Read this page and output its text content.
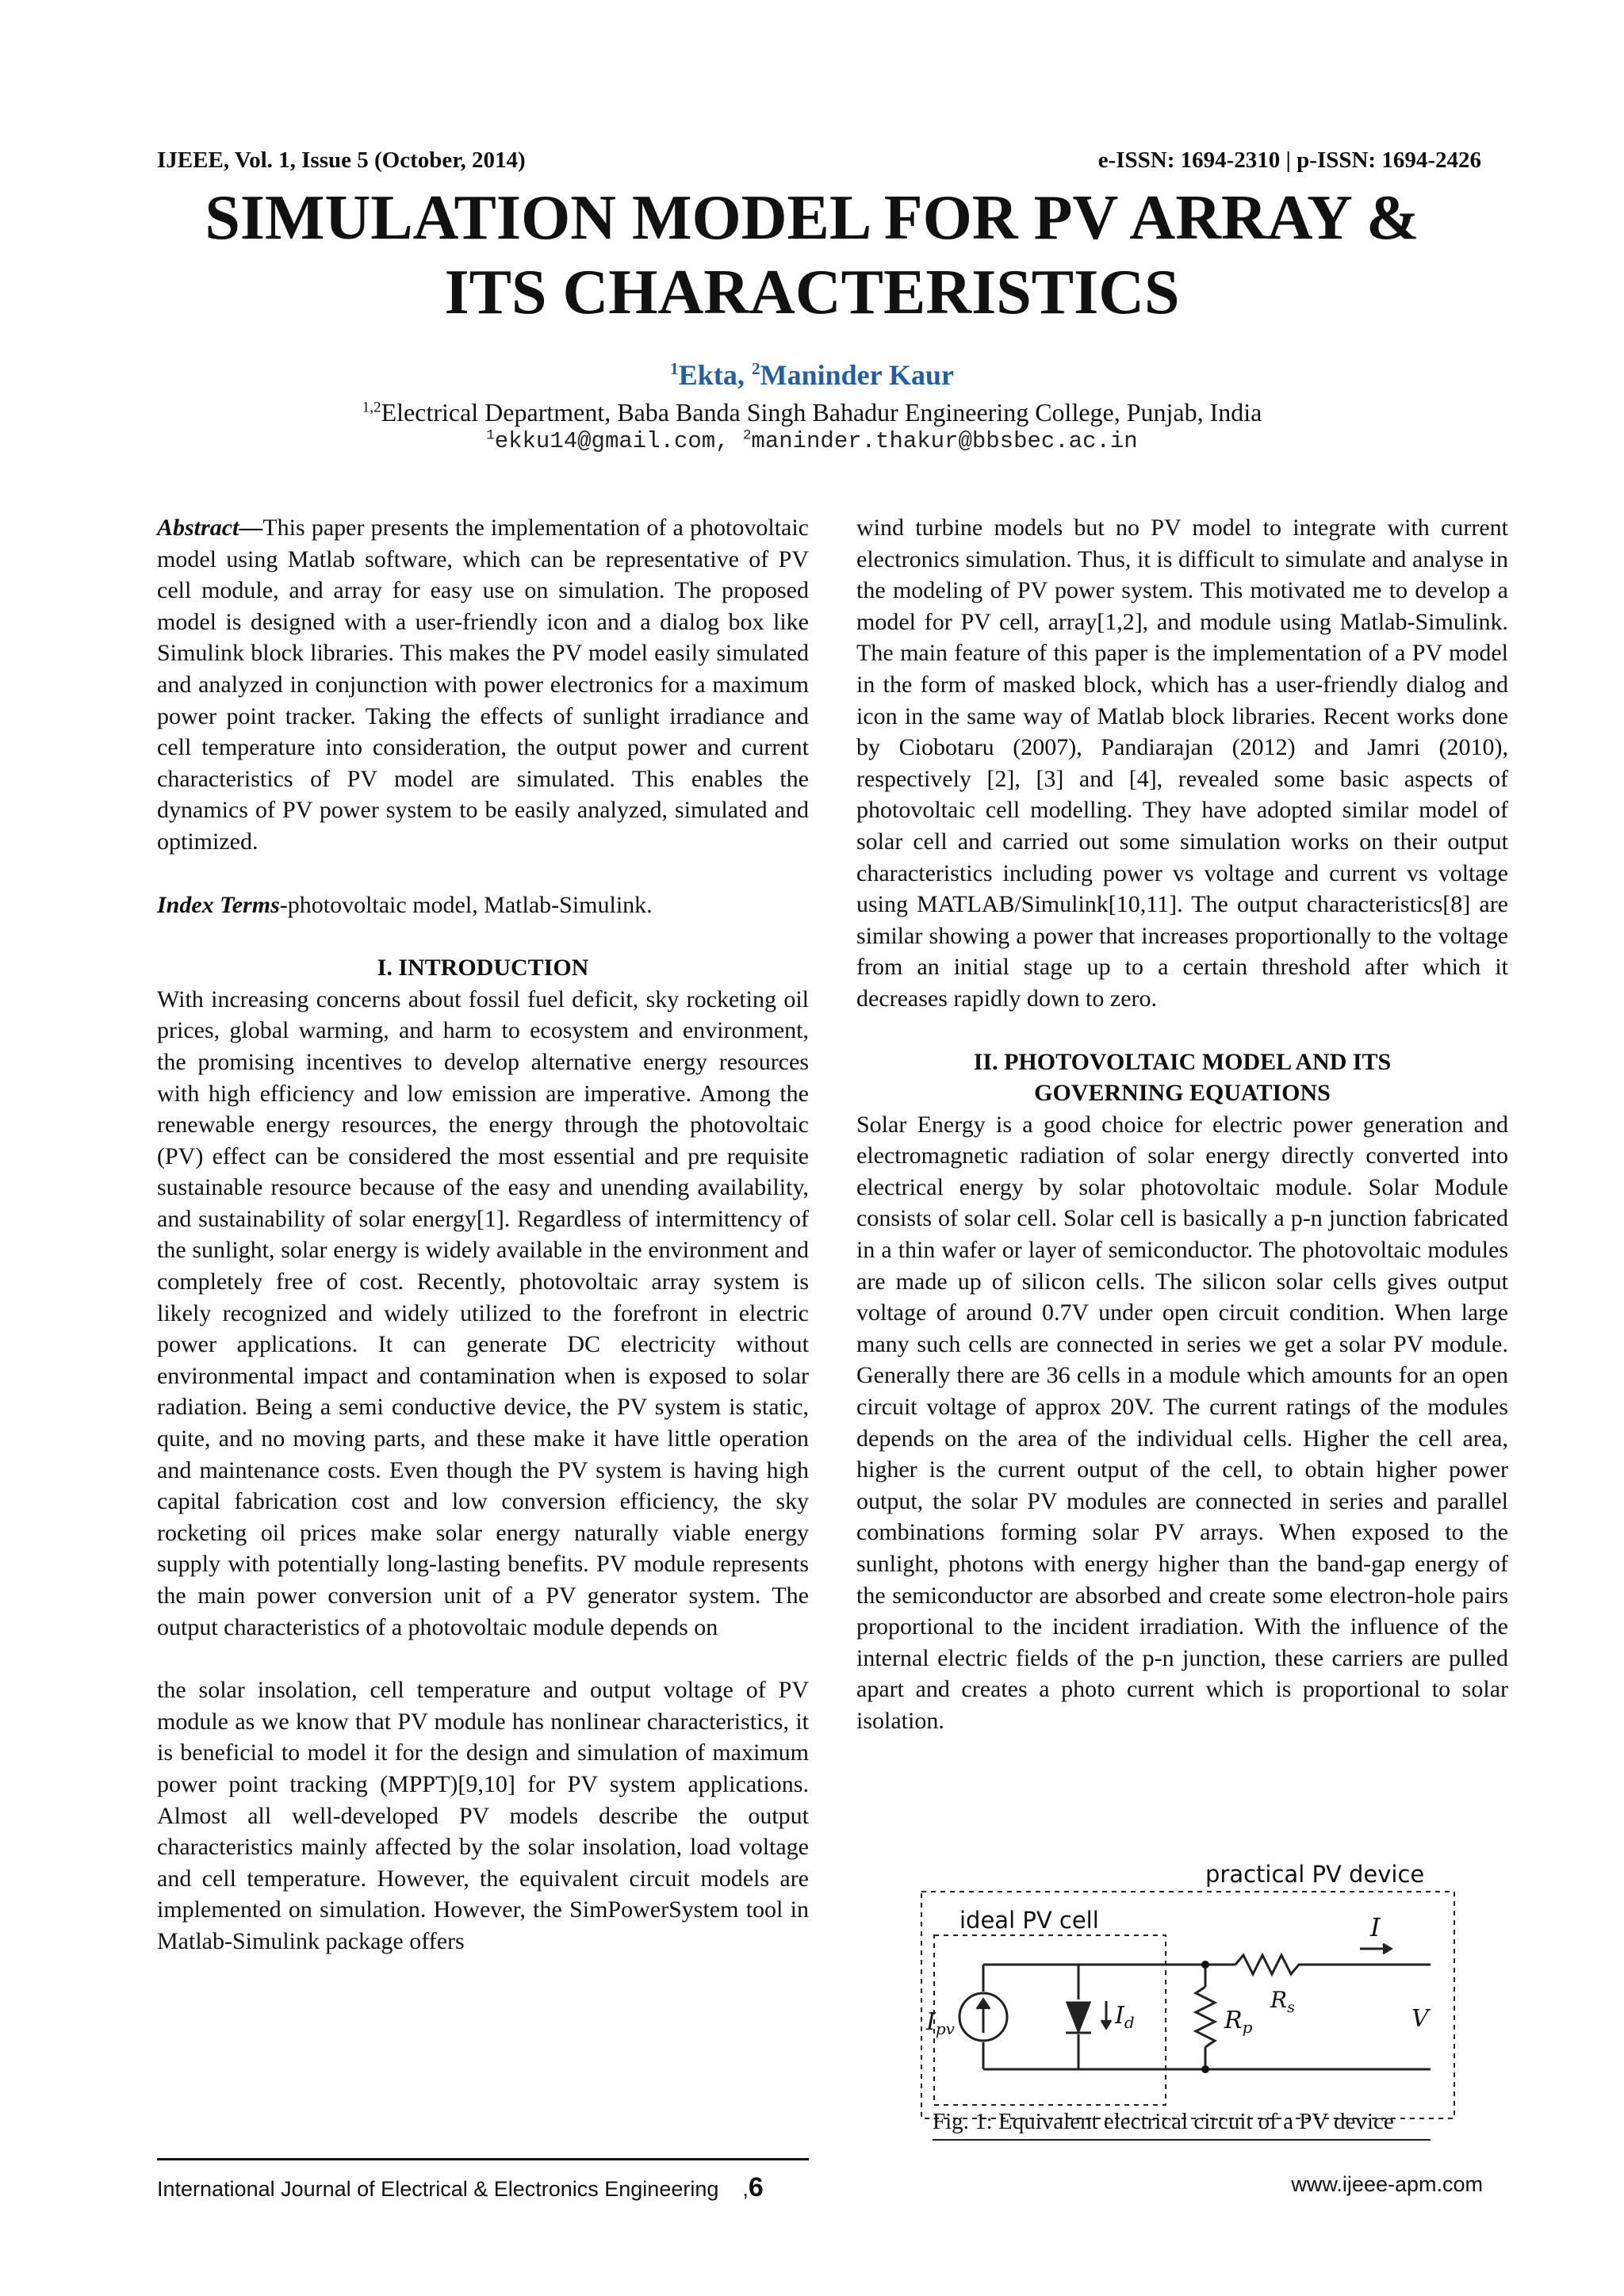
IJEEE, Vol. 1, Issue 5 (October, 2014)	e-ISSN: 1694-2310 | p-ISSN: 1694-2426
SIMULATION MODEL FOR PV ARRAY &
ITS CHARACTERISTICS
$^1$Ekta, $^2$Maninder Kaur
$^{1,2}$Electrical Department, Baba Banda Singh Bahadur Engineering College, Punjab, India
$^1$ekku14@gmail.com, $^2$maninder.thakur@bbsbec.ac.in

Abstract—This paper presents the implementation of a photovoltaic model using Matlab software, which can be representative of PV cell module, and array for easy use on simulation. The proposed model is designed with a user-friendly icon and a dialog box like Simulink block libraries. This makes the PV model easily simulated and analyzed in conjunction with power electronics for a maximum power point tracker. Taking the effects of sunlight irradiance and cell temperature into consideration, the output power and current characteristics of PV model are simulated. This enables the dynamics of PV power system to be easily analyzed, simulated and optimized.

Index Terms-photovoltaic model, Matlab-Simulink.

I. INTRODUCTION

With increasing concerns about fossil fuel deficit, sky rocketing oil prices, global warming, and harm to ecosystem and environment, the promising incentives to develop alternative energy resources with high efficiency and low emission are imperative. Among the renewable energy resources, the energy through the photovoltaic (PV) effect can be considered the most essential and pre requisite sustainable resource because of the easy and unending availability, and sustainability of solar energy[1]. Regardless of intermittency of the sunlight, solar energy is widely available in the environment and completely free of cost. Recently, photovoltaic array system is likely recognized and widely utilized to the forefront in electric power applications. It can generate DC electricity without environmental impact and contamination when is exposed to solar radiation. Being a semi conductive device, the PV system is static, quite, and no moving parts, and these make it have little operation and maintenance costs. Even though the PV system is having high capital fabrication cost and low conversion efficiency, the sky rocketing oil prices make solar energy naturally viable energy supply with potentially long-lasting benefits. PV module represents the main power conversion unit of a PV generator system. The output characteristics of a photovoltaic module depends on

the solar insolation, cell temperature and output voltage of PV module as we know that PV module has nonlinear characteristics, it is beneficial to model it for the design and simulation of maximum power point tracking (MPPT)[9,10] for PV system applications. Almost all well-developed PV models describe the output characteristics mainly affected by the solar insolation, load voltage and cell temperature. However, the equivalent circuit models are implemented on simulation. However, the SimPowerSystem tool in Matlab-Simulink package offers

wind turbine models but no PV model to integrate with current electronics simulation. Thus, it is difficult to simulate and analyse in the modeling of PV power system. This motivated me to develop a model for PV cell, array[1,2], and module using Matlab-Simulink. The main feature of this paper is the implementation of a PV model in the form of masked block, which has a user-friendly dialog and icon in the same way of Matlab block libraries. Recent works done by Ciobotaru (2007), Pandiarajan (2012) and Jamri (2010), respectively [2], [3] and [4], revealed some basic aspects of photovoltaic cell modelling. They have adopted similar model of solar cell and carried out some simulation works on their output characteristics including power vs voltage and current vs voltage using MATLAB/Simulink[10,11]. The output characteristics[8] are similar showing a power that increases proportionally to the voltage from an initial stage up to a certain threshold after which it decreases rapidly down to zero.

II. PHOTOVOLTAIC MODEL AND ITS

GOVERNING EQUATIONS

Solar Energy is a good choice for electric power generation and electromagnetic radiation of solar energy directly converted into electrical energy by solar photovoltaic module. Solar Module consists of solar cell. Solar cell is basically a p-n junction fabricated in a thin wafer or layer of semiconductor. The photovoltaic modules are made up of silicon cells. The silicon solar cells gives output voltage of around 0.7V under open circuit condition. When large many such cells are connected in series we get a solar PV module. Generally there are 36 cells in a module which amounts for an open circuit voltage of approx 20V. The current ratings of the modules depends on the area of the individual cells. Higher the cell area, higher is the current output of the cell, to obtain higher power output, the solar PV modules are connected in series and parallel combinations forming solar PV arrays. When exposed to the sunlight, photons with energy higher than the band-gap energy of the semiconductor are absorbed and create some electron-hole pairs proportional to the incident irradiation. With the influence of the internal electric fields of the p-n junction, these carriers are pulled apart and creates a photo current which is proportional to solar isolation.

practical PV device
ideal PV cell
$I_{pv}$	$I_d$	$R_p$
$R_s$
I
V
Fig. 1: Equivalent electrical circuit of a PV device
International Journal of Electrical & Electronics Engineering ,6	www.ijeee-apm.com
